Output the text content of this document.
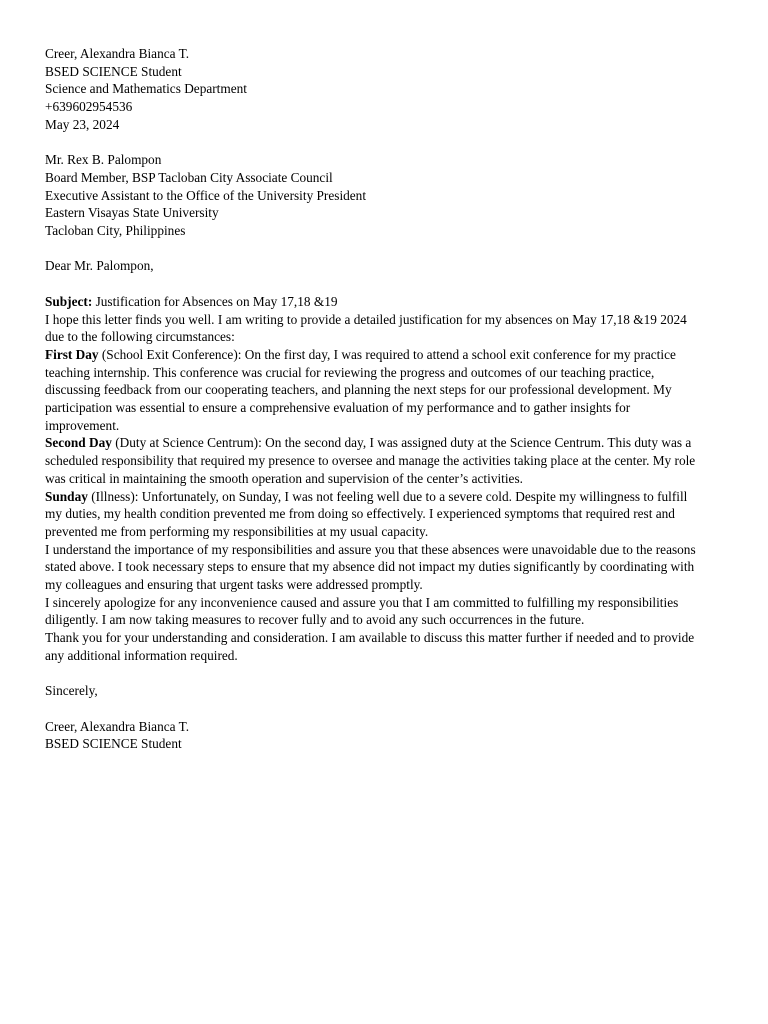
Creer, Alexandra Bianca T.
BSED SCIENCE Student
Science and Mathematics Department
+639602954536
May 23, 2024
Mr. Rex B. Palompon
Board Member, BSP Tacloban City Associate Council
Executive Assistant to the Office of the University President
Eastern Visayas State University
Tacloban City, Philippines
Dear Mr. Palompon,
Subject: Justification for Absences on May 17,18 &19
I hope this letter finds you well. I am writing to provide a detailed justification for my absences on May 17,18 &19 2024
due to the following circumstances:
First Day (School Exit Conference): On the first day, I was required to attend a school exit conference for my practice
teaching internship. This conference was crucial for reviewing the progress and outcomes of our teaching practice,
discussing feedback from our cooperating teachers, and planning the next steps for our professional development. My
participation was essential to ensure a comprehensive evaluation of my performance and to gather insights for
improvement.
Second Day (Duty at Science Centrum): On the second day, I was assigned duty at the Science Centrum. This duty was a
scheduled responsibility that required my presence to oversee and manage the activities taking place at the center. My role
was critical in maintaining the smooth operation and supervision of the center’s activities.
Sunday (Illness): Unfortunately, on Sunday, I was not feeling well due to a severe cold. Despite my willingness to fulfill
my duties, my health condition prevented me from doing so effectively. I experienced symptoms that required rest and
prevented me from performing my responsibilities at my usual capacity.
I understand the importance of my responsibilities and assure you that these absences were unavoidable due to the reasons
stated above. I took necessary steps to ensure that my absence did not impact my duties significantly by coordinating with
my colleagues and ensuring that urgent tasks were addressed promptly.
I sincerely apologize for any inconvenience caused and assure you that I am committed to fulfilling my responsibilities
diligently. I am now taking measures to recover fully and to avoid any such occurrences in the future.
Thank you for your understanding and consideration. I am available to discuss this matter further if needed and to provide
any additional information required.
Sincerely,
Creer, Alexandra Bianca T.
BSED SCIENCE Student
